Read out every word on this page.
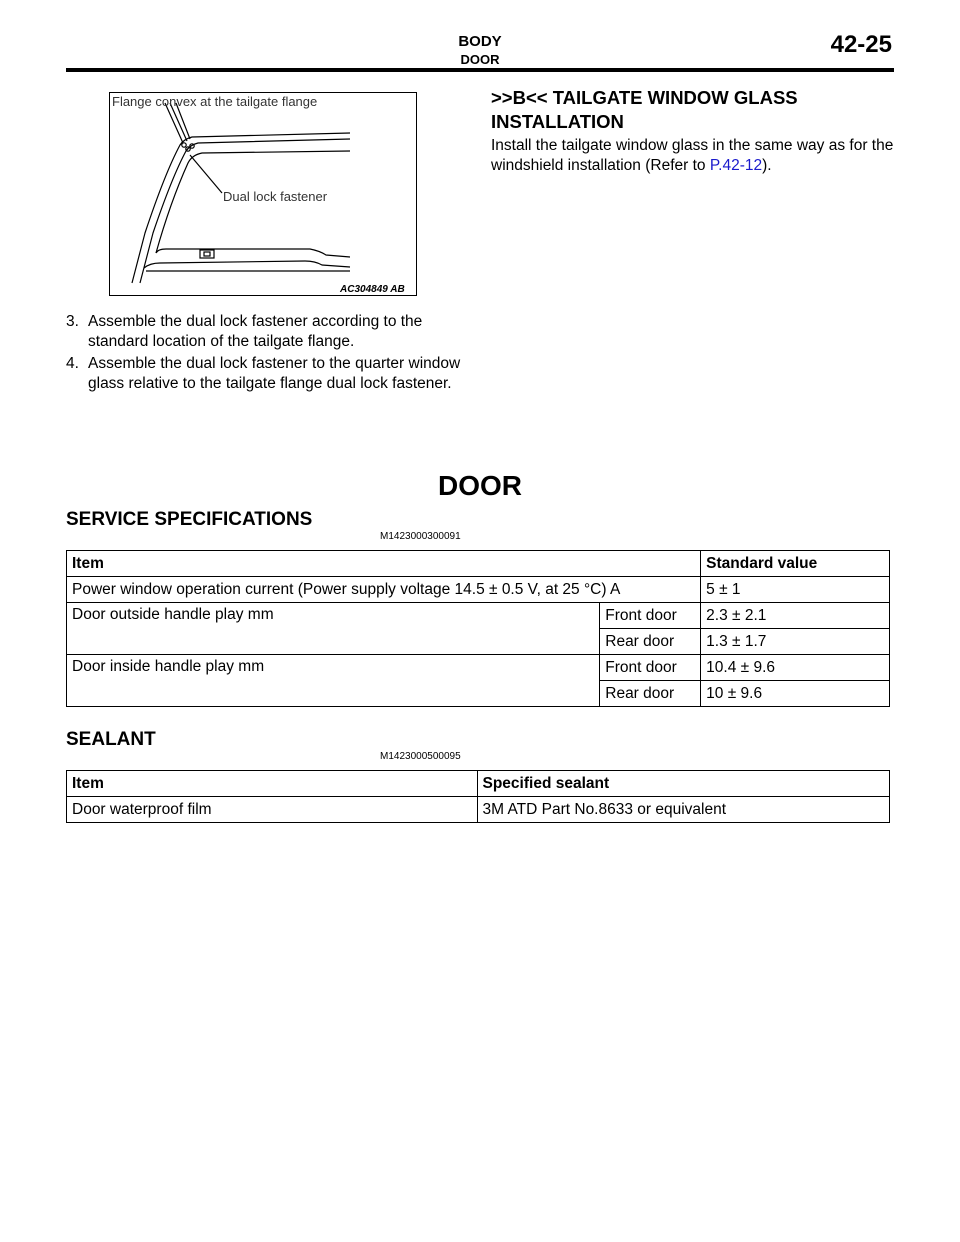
BODY
DOOR
42-25
Flange convex at the tailgate flange
Dual lock fastener
AC304849 AB
3. Assemble the dual lock fastener according to the standard location of the tailgate flange.
4. Assemble the dual lock fastener to the quarter window glass relative to the tailgate flange dual lock fastener.
>>B<< TAILGATE WINDOW GLASS INSTALLATION
Install the tailgate window glass in the same way as for the windshield installation (Refer to P.42-12).
DOOR
SERVICE SPECIFICATIONS
M1423000300091
Item		Standard value
Power window operation current (Power supply voltage 14.5 ± 0.5 V, at 25 °C) A		5 ± 1
Door outside handle play mm	Front door	2.3 ± 2.1
	Rear door	1.3 ± 1.7
Door inside handle play mm	Front door	10.4 ± 9.6
	Rear door	10 ± 9.6
SEALANT
M1423000500095
Item	Specified sealant
Door waterproof film	3M ATD Part No.8633 or equivalent
